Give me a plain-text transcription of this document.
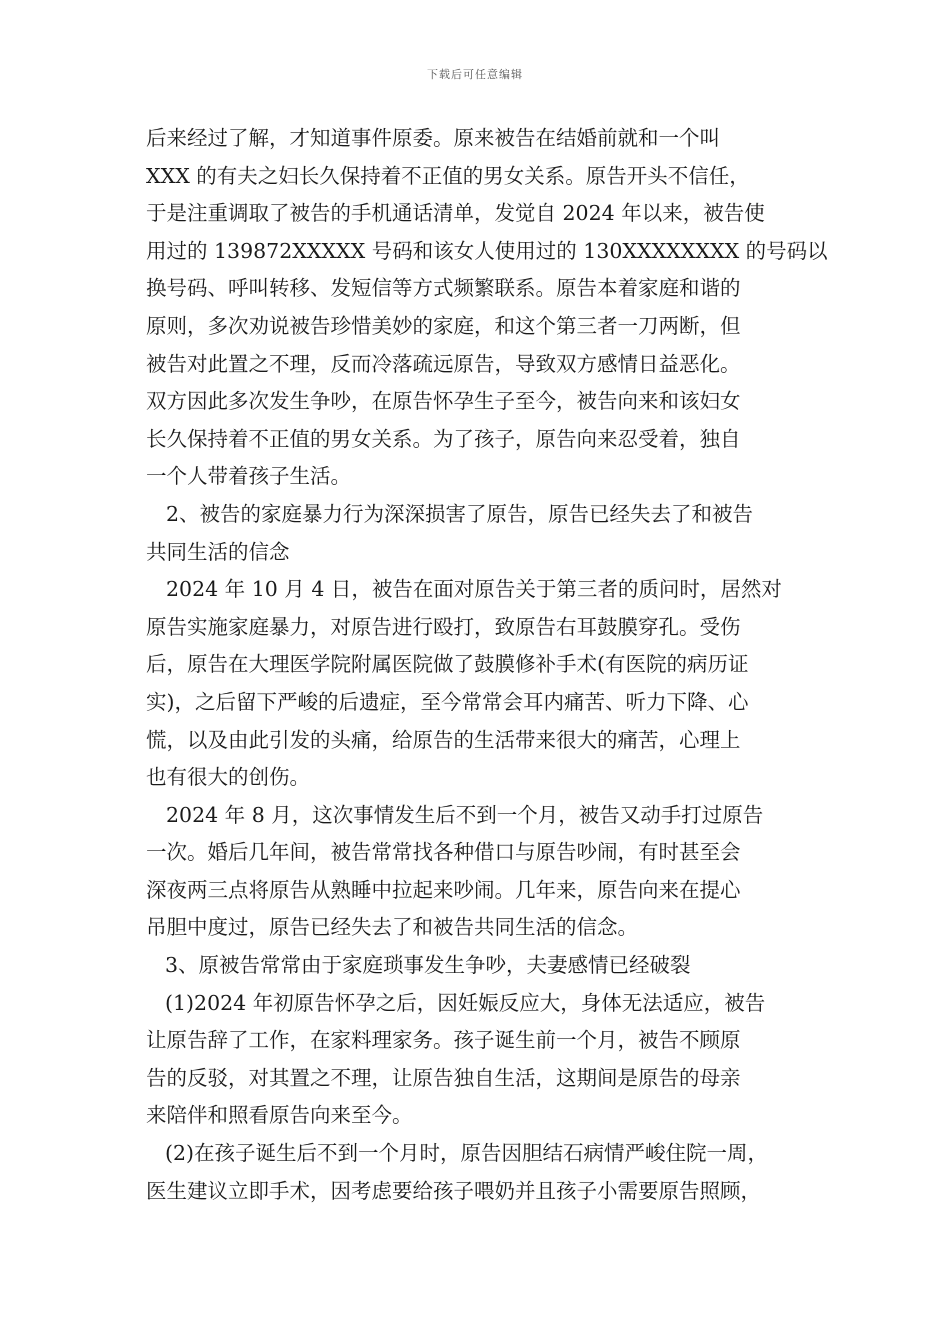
下载后可任意编辑

后来经过了解，才知道事件原委。原来被告在结婚前就和一个叫
XXX 的有夫之妇长久保持着不正值的男女关系。原告开头不信任，
于是注重调取了被告的手机通话清单，发觉自 2024 年以来，被告使
用过的 139872XXXXX 号码和该女人使用过的 130XXXXXXXX 的号码以
换号码、呼叫转移、发短信等方式频繁联系。原告本着家庭和谐的
原则，多次劝说被告珍惜美妙的家庭，和这个第三者一刀两断，但
被告对此置之不理，反而冷落疏远原告，导致双方感情日益恶化。
双方因此多次发生争吵，在原告怀孕生子至今，被告向来和该妇女
长久保持着不正值的男女关系。为了孩子，原告向来忍受着，独自
一个人带着孩子生活。

2、被告的家庭暴力行为深深损害了原告，原告已经失去了和被告
共同生活的信念

2024 年 10 月 4 日，被告在面对原告关于第三者的质问时，居然对
原告实施家庭暴力，对原告进行殴打，致原告右耳鼓膜穿孔。受伤
后，原告在大理医学院附属医院做了鼓膜修补手术(有医院的病历证
实)，之后留下严峻的后遗症，至今常常会耳内痛苦、听力下降、心
慌，以及由此引发的头痛，给原告的生活带来很大的痛苦，心理上
也有很大的创伤。

2024 年 8 月，这次事情发生后不到一个月，被告又动手打过原告
一次。婚后几年间，被告常常找各种借口与原告吵闹，有时甚至会
深夜两三点将原告从熟睡中拉起来吵闹。几年来，原告向来在提心
吊胆中度过，原告已经失去了和被告共同生活的信念。

3、原被告常常由于家庭琐事发生争吵，夫妻感情已经破裂

(1)2024 年初原告怀孕之后，因妊娠反应大，身体无法适应，被告
让原告辞了工作，在家料理家务。孩子诞生前一个月，被告不顾原
告的反驳，对其置之不理，让原告独自生活，这期间是原告的母亲
来陪伴和照看原告向来至今。

(2)在孩子诞生后不到一个月时，原告因胆结石病情严峻住院一周，
医生建议立即手术，因考虑要给孩子喂奶并且孩子小需要原告照顾，
